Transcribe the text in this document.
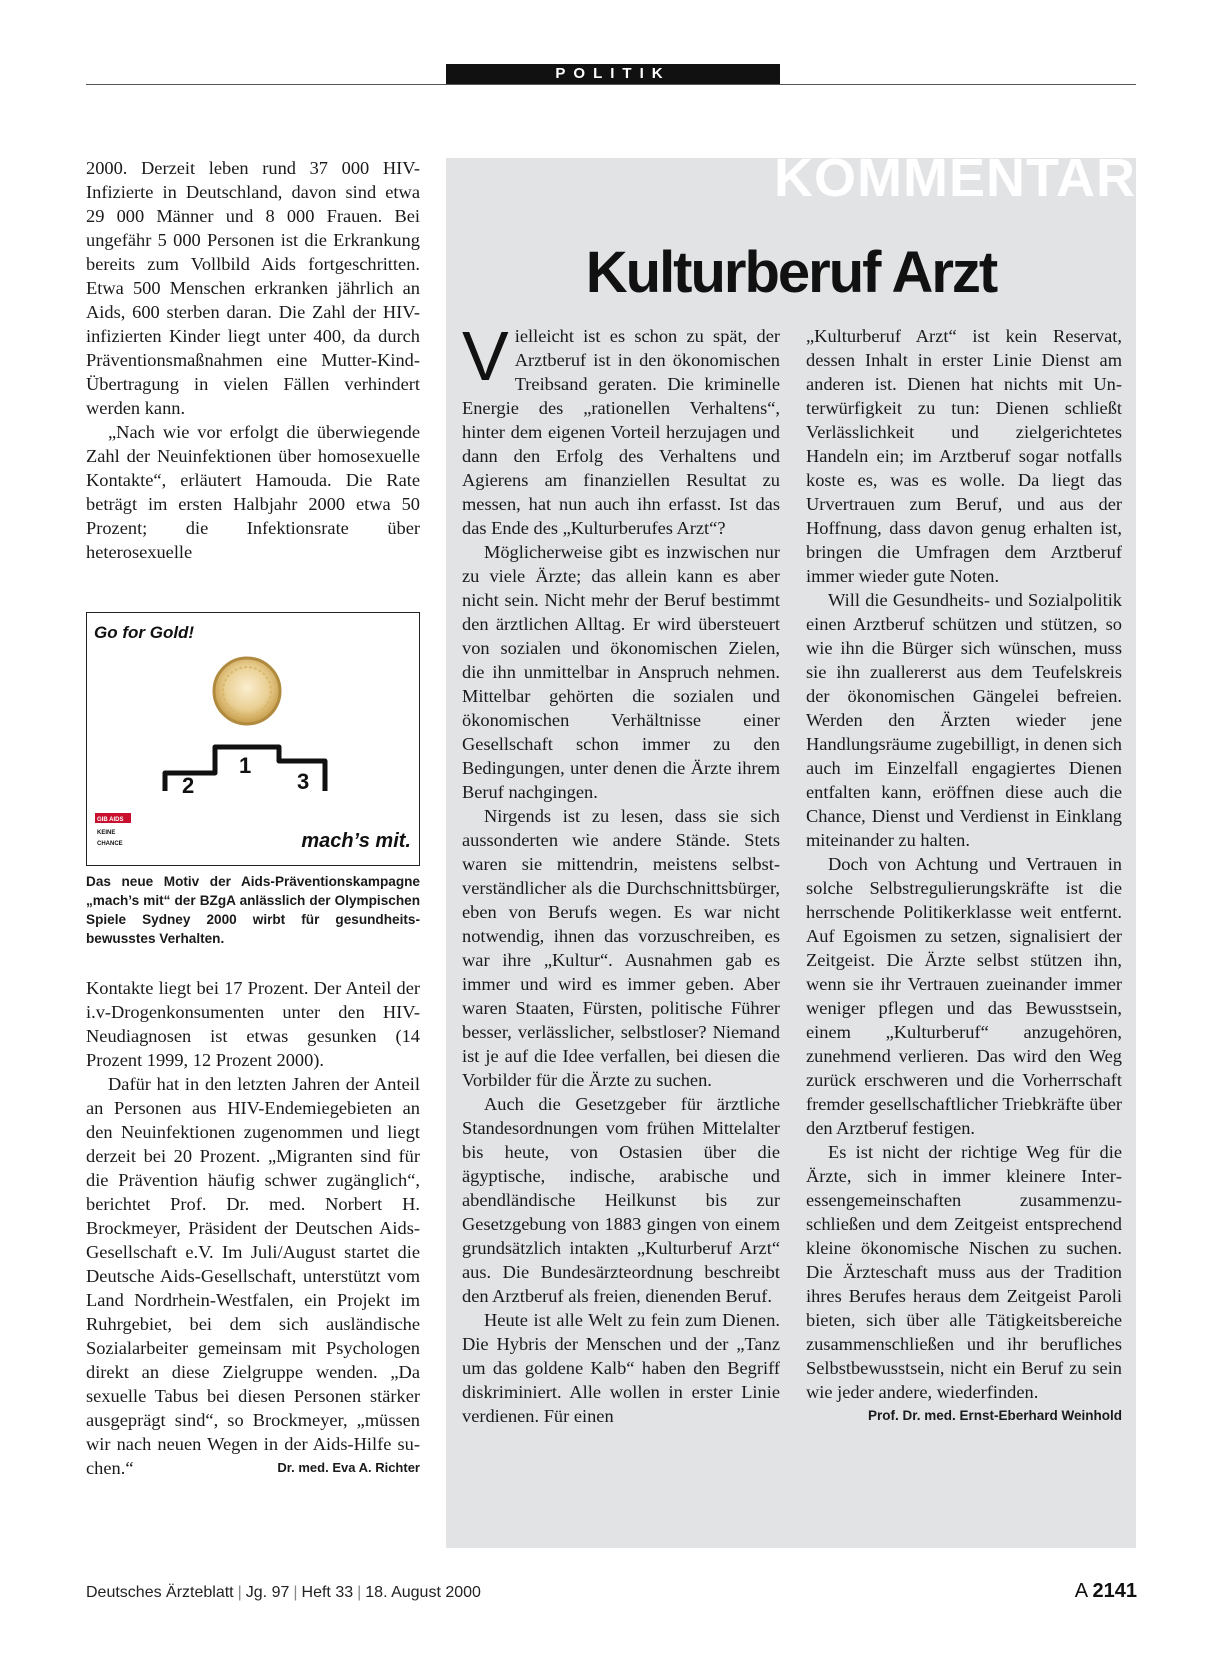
POLITIK

2000. Derzeit leben rund 37 000 HIV-Infizierte in Deutschland, davon sind etwa 29 000 Männer und 8 000 Frauen. Bei ungefähr 5 000 Personen ist die Erkrankung bereits zum Vollbild Aids fortgeschritten. Etwa 500 Menschen erkranken jährlich an Aids, 600 sterben daran. Die Zahl der HIV-infizierten Kinder liegt unter 400, da durch Präventionsmaßnahmen eine Mutter-Kind-Übertragung in vielen Fällen verhindert werden kann.

„Nach wie vor erfolgt die überwiegende Zahl der Neuinfektionen über homosexuelle Kontakte“, erläutert Hamouda. Die Rate beträgt im ersten Halbjahr 2000 etwa 50 Prozent; die Infektionsrate über heterosexuelle

Go for Gold!
2
1
3
GIB AIDS
KEINE
CHANCE	mach’s mit.
Das neue Motiv der Aids-Präventionskampagne „mach’s mit“ der BZgA anlässlich der Olympischen Spiele Sydney 2000 wirbt für gesundheitsbewusstes Verhalten.

Kontakte liegt bei 17 Prozent. Der Anteil der i.v-Drogenkonsumenten unter den HIV-Neudiagnosen ist etwas gesunken (14 Prozent 1999, 12 Prozent 2000).

Dafür hat in den letzten Jahren der Anteil an Personen aus HIV-Endemiegebieten an den Neuinfektionen zugenommen und liegt derzeit bei 20 Prozent. „Migranten sind für die Prävention häufig schwer zugänglich“, berichtet Prof. Dr. med. Norbert H. Brockmeyer, Präsident der Deutschen Aids-Gesellschaft e.V. Im Juli/August startet die Deutsche Aids-Gesellschaft, unterstützt vom Land Nordrhein-Westfalen, ein Projekt im Ruhrgebiet, bei dem sich ausländische Sozialarbeiter gemeinsam mit Psychologen direkt an diese Zielgruppe wenden. „Da sexuelle Tabus bei diesen Personen stärker ausgeprägt sind“, so Brockmeyer, „müssen wir nach neuen Wegen in der Aids-Hilfe suchen.“	Dr. med. Eva A. Richter

KOMMENTAR
Kulturberuf Arzt

Vielleicht ist es schon zu spät, der Arztberuf ist in den ökonomischen Treibsand geraten. Die kriminelle Energie des „rationellen Verhaltens“, hinter dem eigenen Vorteil herzujagen und dann den Erfolg des Verhaltens und Agierens am finanziellen Resultat zu messen, hat nun auch ihn erfasst. Ist das das Ende des „Kulturberufes Arzt“?

Möglicherweise gibt es inzwischen nur zu viele Ärzte; das allein kann es aber nicht sein. Nicht mehr der Beruf bestimmt den ärztlichen Alltag. Er wird übersteuert von sozialen und ökonomischen Zielen, die ihn unmittelbar in Anspruch nehmen. Mittelbar gehörten die sozialen und ökonomischen Verhältnisse einer Gesellschaft schon immer zu den Bedingungen, unter denen die Ärzte ihrem Beruf nachgingen.

Nirgends ist zu lesen, dass sie sich aussonderten wie andere Stände. Stets waren sie mittendrin, meistens selbstverständlicher als die Durchschnittsbürger, eben von Berufs wegen. Es war nicht notwendig, ihnen das vorzuschreiben, es war ihre „Kultur“. Ausnahmen gab es immer und wird es immer geben. Aber waren Staaten, Fürsten, politische Führer besser, verlässlicher, selbstloser? Niemand ist je auf die Idee verfallen, bei diesen die Vorbilder für die Ärzte zu suchen.

Auch die Gesetzgeber für ärztliche Standesordnungen vom frühen Mittelalter bis heute, von Ostasien über die ägyptische, indische, arabische und abendländische Heilkunst bis zur Gesetzgebung von 1883 gingen von einem grundsätzlich intakten „Kulturberuf Arzt“ aus. Die Bundesärzteordnung beschreibt den Arztberuf als freien, dienenden Beruf.

Heute ist alle Welt zu fein zum Dienen. Die Hybris der Menschen und der „Tanz um das goldene Kalb“ haben den Begriff diskriminiert. Alle wollen in erster Linie verdienen. Für einen

„Kulturberuf Arzt“ ist kein Reservat, dessen Inhalt in erster Linie Dienst am anderen ist. Dienen hat nichts mit Unterwürfigkeit zu tun: Dienen schließt Verlässlichkeit und zielgerichtetes Handeln ein; im Arztberuf sogar notfalls koste es, was es wolle. Da liegt das Urvertrauen zum Beruf, und aus der Hoffnung, dass davon genug erhalten ist, bringen die Umfragen dem Arztberuf immer wieder gute Noten.

Will die Gesundheits- und Sozialpolitik einen Arztberuf schützen und stützen, so wie ihn die Bürger sich wünschen, muss sie ihn zuallererst aus dem Teufelskreis der ökonomischen Gängelei befreien. Werden den Ärzten wieder jene Handlungsräume zugebilligt, in denen sich auch im Einzelfall engagiertes Dienen entfalten kann, eröffnen diese auch die Chance, Dienst und Verdienst in Einklang miteinander zu halten.

Doch von Achtung und Vertrauen in solche Selbstregulierungskräfte ist die herrschende Politikerklasse weit entfernt. Auf Egoismen zu setzen, signalisiert der Zeitgeist. Die Ärzte selbst stützen ihn, wenn sie ihr Vertrauen zueinander immer weniger pflegen und das Bewusstsein, einem „Kulturberuf“ anzugehören, zunehmend verlieren. Das wird den Weg zurück erschweren und die Vorherrschaft fremder gesellschaftlicher Triebkräfte über den Arztberuf festigen.

Es ist nicht der richtige Weg für die Ärzte, sich in immer kleinere Interessengemeinschaften zusammenzuschließen und dem Zeitgeist entsprechend kleine ökonomische Nischen zu suchen. Die Ärzteschaft muss aus der Tradition ihres Berufes heraus dem Zeitgeist Paroli bieten, sich über alle Tätigkeitsbereiche zusammenschließen und ihr berufliches Selbstbewusstsein, nicht ein Beruf zu sein wie jeder andere, wiederfinden.

Prof. Dr. med. Ernst-Eberhard Weinhold
Deutsches Ärzteblatt | Jg. 97 | Heft 33 | 18. August 2000	A 2141
